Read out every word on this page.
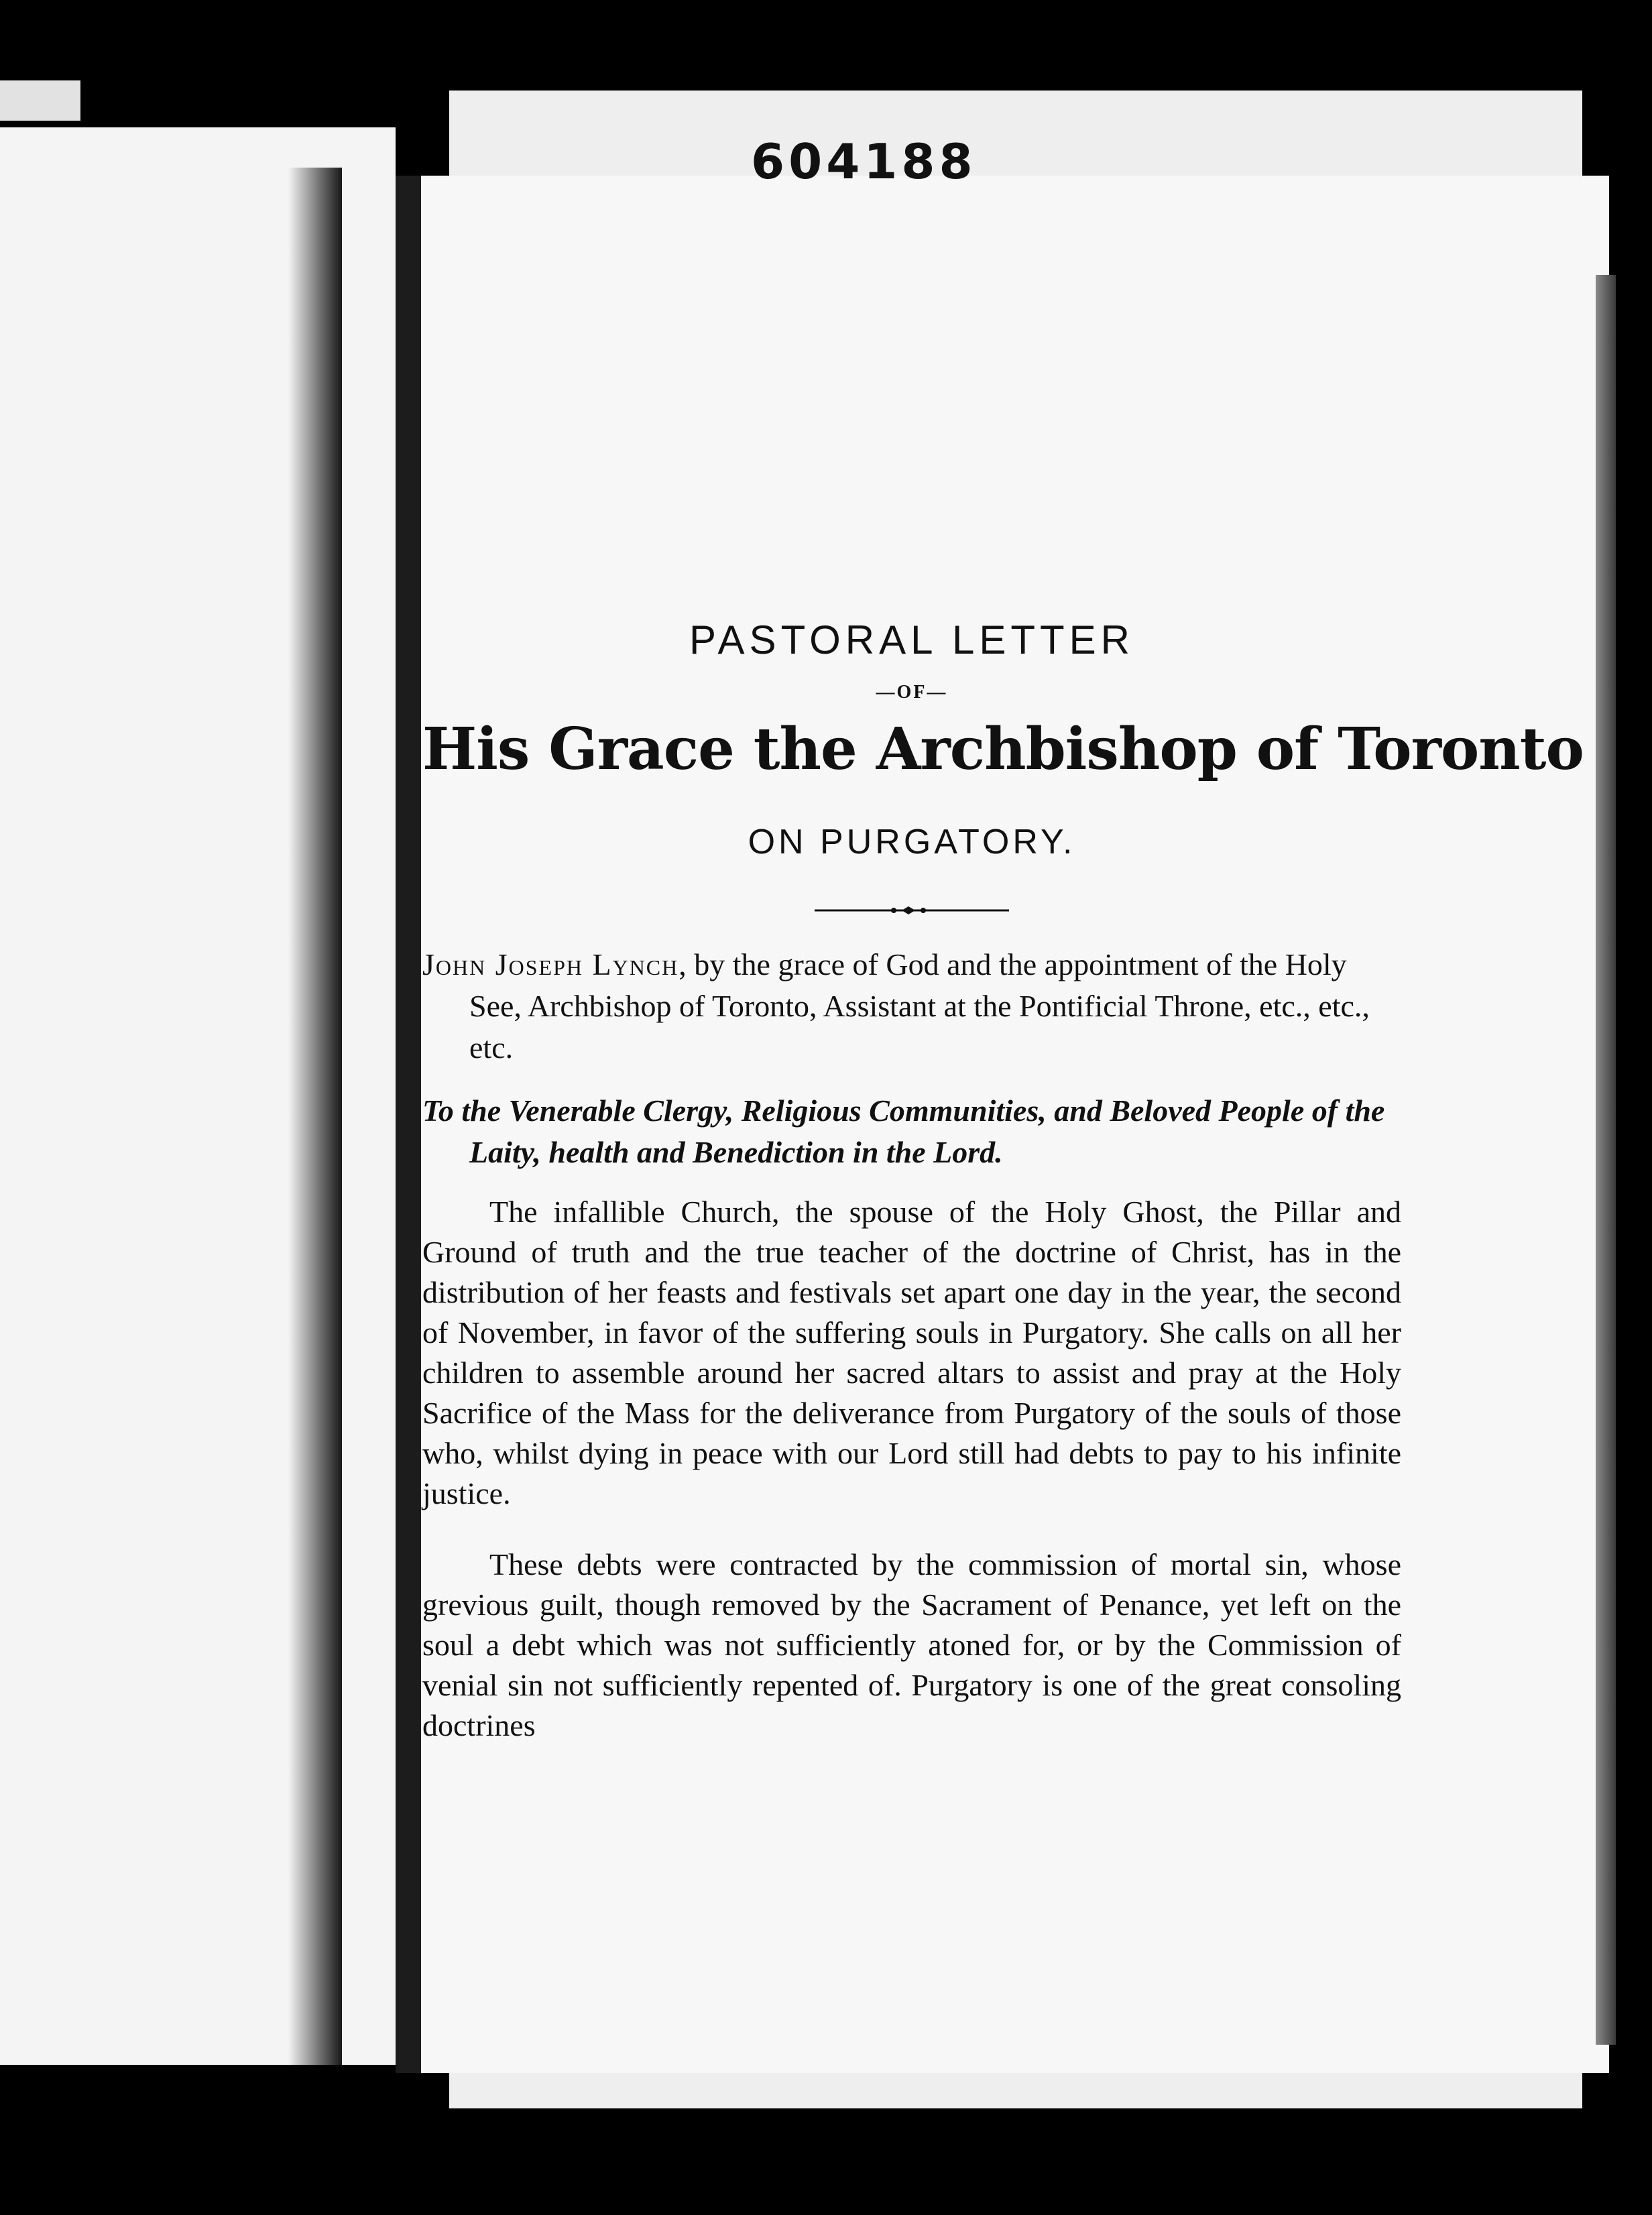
604188
PASTORAL LETTER
—OF—
His Grace the Archbishop of Toronto
ON PURGATORY.
John Joseph Lynch, by the grace of God and the appointment of the Holy See, Archbishop of Toronto, Assistant at the Pontificial Throne, etc., etc., etc.
To the Venerable Clergy, Religious Communities, and Beloved People of the Laity, health and Benediction in the Lord.

The infallible Church, the spouse of the Holy Ghost, the Pillar and Ground of truth and the true teacher of the doctrine of Christ, has in the distribution of her feasts and festivals set apart one day in the year, the second of November, in favor of the suffering souls in Purgatory. She calls on all her children to assemble around her sacred altars to assist and pray at the Holy Sacrifice of the Mass for the deliverance from Purgatory of the souls of those who, whilst dying in peace with our Lord still had debts to pay to his infinite justice.

These debts were contracted by the commission of mortal sin, whose grevious guilt, though removed by the Sacrament of Penance, yet left on the soul a debt which was not sufficiently atoned for, or by the Commission of venial sin not sufficiently repented of. Purgatory is one of the great consoling doctrines
